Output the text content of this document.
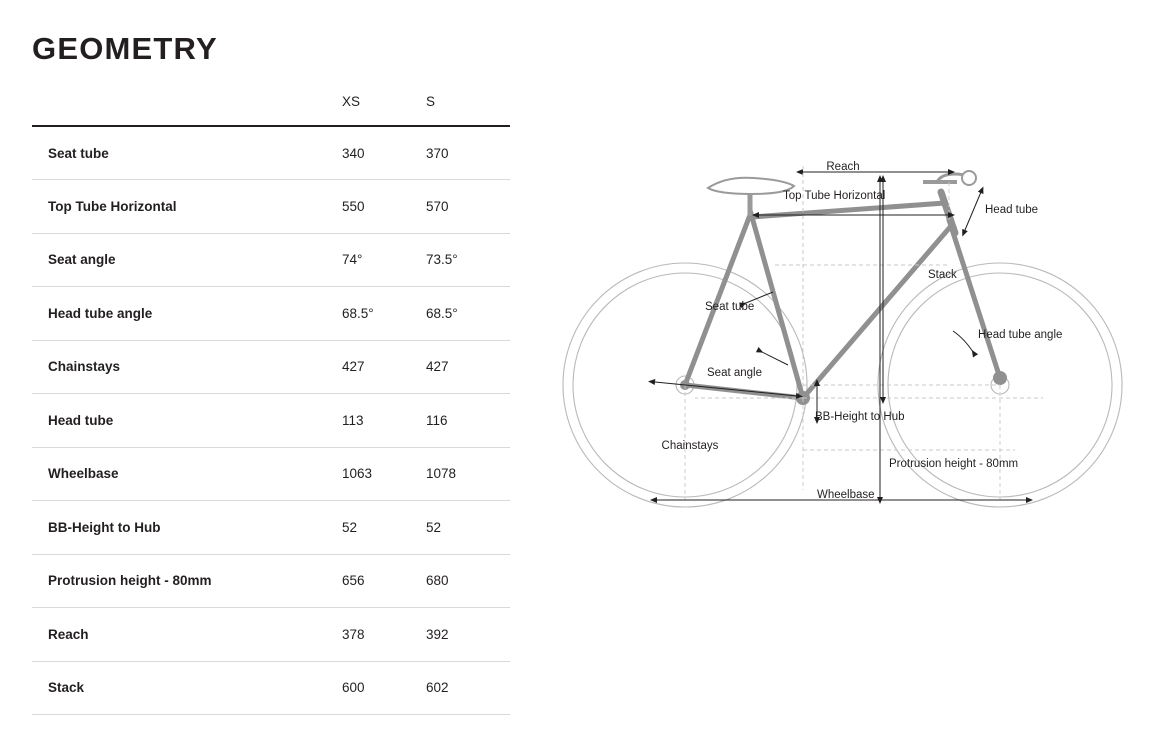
GEOMETRY
	XS	S
Seat tube	340	370
Top Tube Horizontal	550	570
Seat angle	74°	73.5°
Head tube angle	68.5°	68.5°
Chainstays	427	427
Head tube	113	116
Wheelbase	1063	1078
BB-Height to Hub	52	52
Protrusion height - 80mm	656	680
Reach	378	392
Stack	600	602
Reach
Top Tube Horizontal
Head tube
Stack
Seat tube
Seat angle
Head tube angle
BB-Height to Hub
Chainstays
Protrusion height - 80mm
Wheelbase
